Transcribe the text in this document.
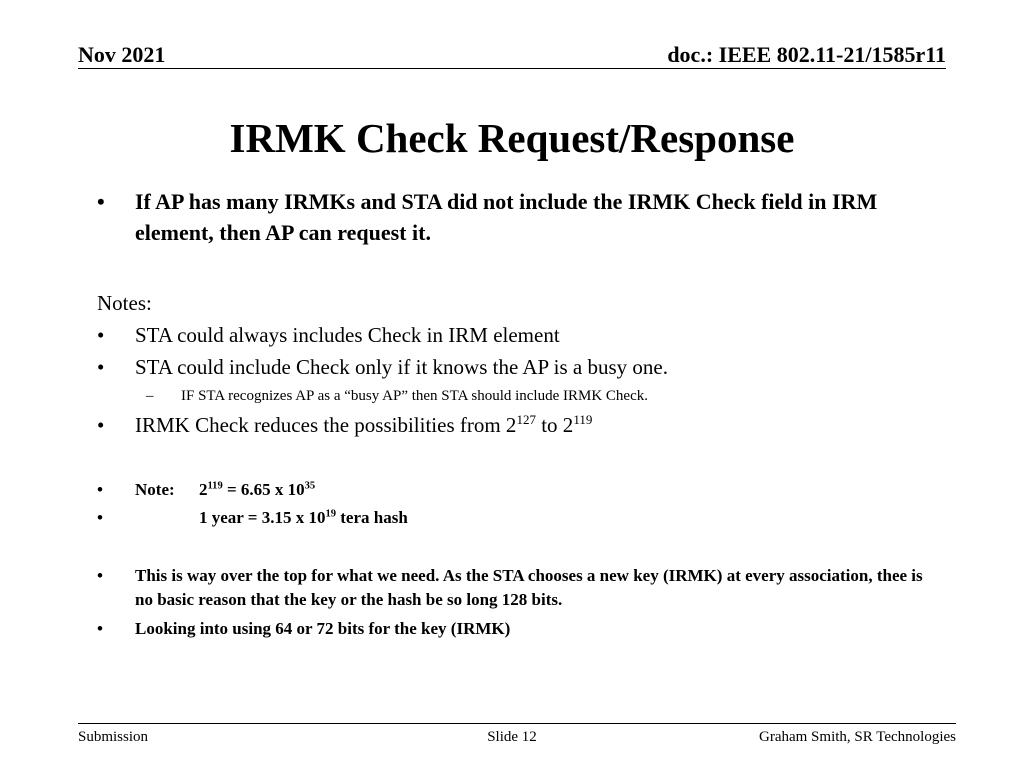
Nov 2021	doc.: IEEE 802.11-21/1585r11
IRMK Check Request/Response
• If AP has many IRMKs and STA did not include the IRMK Check field in IRM element, then AP can request it.
Notes:
• STA could always includes Check in IRM element
• STA could include Check only if it knows the AP is a busy one.
– IF STA recognizes AP as a “busy AP” then STA should include IRMK Check.
• IRMK Check reduces the possibilities from $2^{127}$ to $2^{119}$
• Note: $2^{119} = 6.65$ x $10^{35}$
•	1 year = 3.15 x $10^{19}$ tera hash
• This is way over the top for what we need. As the STA chooses a new key (IRMK) at every association, thee is no basic reason that the key or the hash be so long 128 bits.
• Looking into using 64 or 72 bits for the key (IRMK)
Submission	Slide 12	Graham Smith, SR Technologies
